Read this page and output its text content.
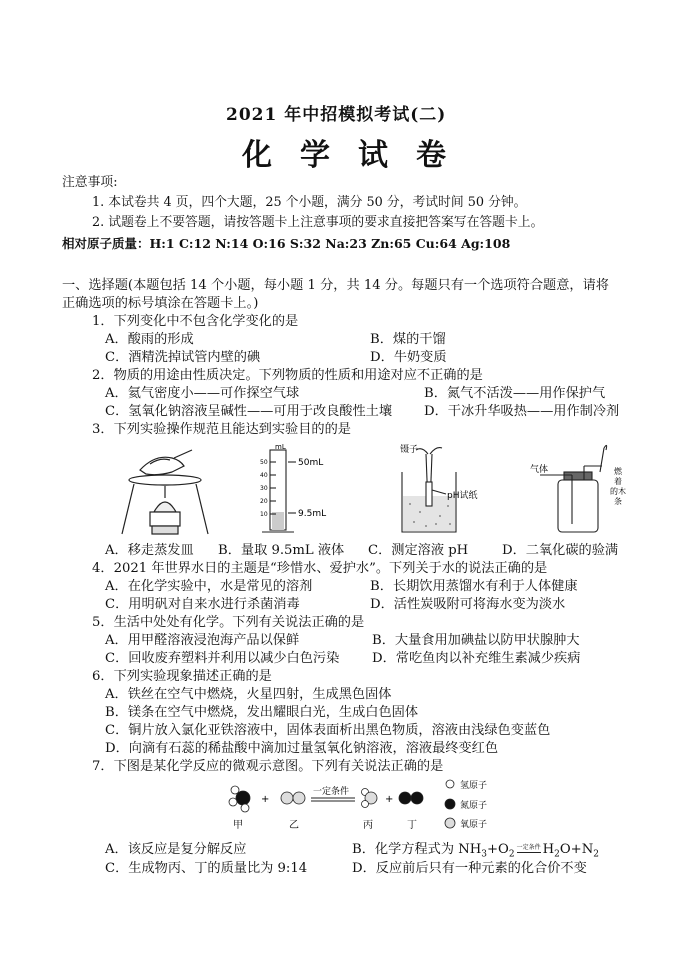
2021 年中招模拟考试(二)
化学试卷
注意事项:
1. 本试卷共 4 页，四个大题，25 个小题，满分 50 分，考试时间 50 分钟。
2. 试题卷上不要答题，请按答题卡上注意事项的要求直接把答案写在答题卡上。
相对原子质量：H:1 C:12 N:14 O:16 S:32 Na:23 Zn:65 Cu:64 Ag:108
一、选择题(本题包括 14 个小题，每小题 1 分，共 14 分。每题只有一个选项符合题意，请将
正确选项的标号填涂在答题卡上。)
1．下列变化中不包含化学变化的是
A．酸雨的形成	B．煤的干馏
C．酒精洗掉试管内壁的碘	D．牛奶变质
2．物质的用途由性质决定。下列物质的性质和用途对应不正确的是
A．氦气密度小——可作探空气球	B．氮气不活泼——用作保护气
C．氢氧化钠溶液呈碱性——可用于改良酸性土壤 D．干冰升华吸热——用作制冷剂
3．下列实验操作规范且能达到实验目的的是
mL
50
40
30
20
10
50mL
9.5mL
镊子
pH试纸
气体	燃
着
的木
条
A．移走蒸发皿 B．量取 9.5mL 液体 C．测定溶液 pH	D．二氧化碳的验满
4．2021 年世界水日的主题是“珍惜水、爱护水”。下列关于水的说法正确的是
A．在化学实验中，水是常见的溶剂	B．长期饮用蒸馏水有利于人体健康
C．用明矾对自来水进行杀菌消毒	D．活性炭吸附可将海水变为淡水
5．生活中处处有化学。下列有关说法正确的是
A．用甲醛溶液浸泡海产品以保鲜	B．大量食用加碘盐以防甲状腺肿大
C．回收废弃塑料并利用以减少白色污染 D．常吃鱼肉以补充维生素减少疾病
6．下列实验现象描述正确的是
A．铁丝在空气中燃烧，火星四射，生成黑色固体
B．镁条在空气中燃烧，发出耀眼白光，生成白色固体
C．铜片放入氯化亚铁溶液中，固体表面析出黑色物质，溶液由浅绿色变蓝色
D．向滴有石蕊的稀盐酸中滴加过量氢氧化钠溶液，溶液最终变红色
7．下图是某化学反应的微观示意图。下列有关说法正确的是
+
一定条件
+
甲	乙	丙	丁
氢原子
氮原子
氧原子
A．该反应是复分解反应	B．化学方程式为 $NH_3+O_2$一定条件 $H_2O+N_2$
C．生成物丙、丁的质量比为 9:14	D．反应前后只有一种元素的化合价不变
